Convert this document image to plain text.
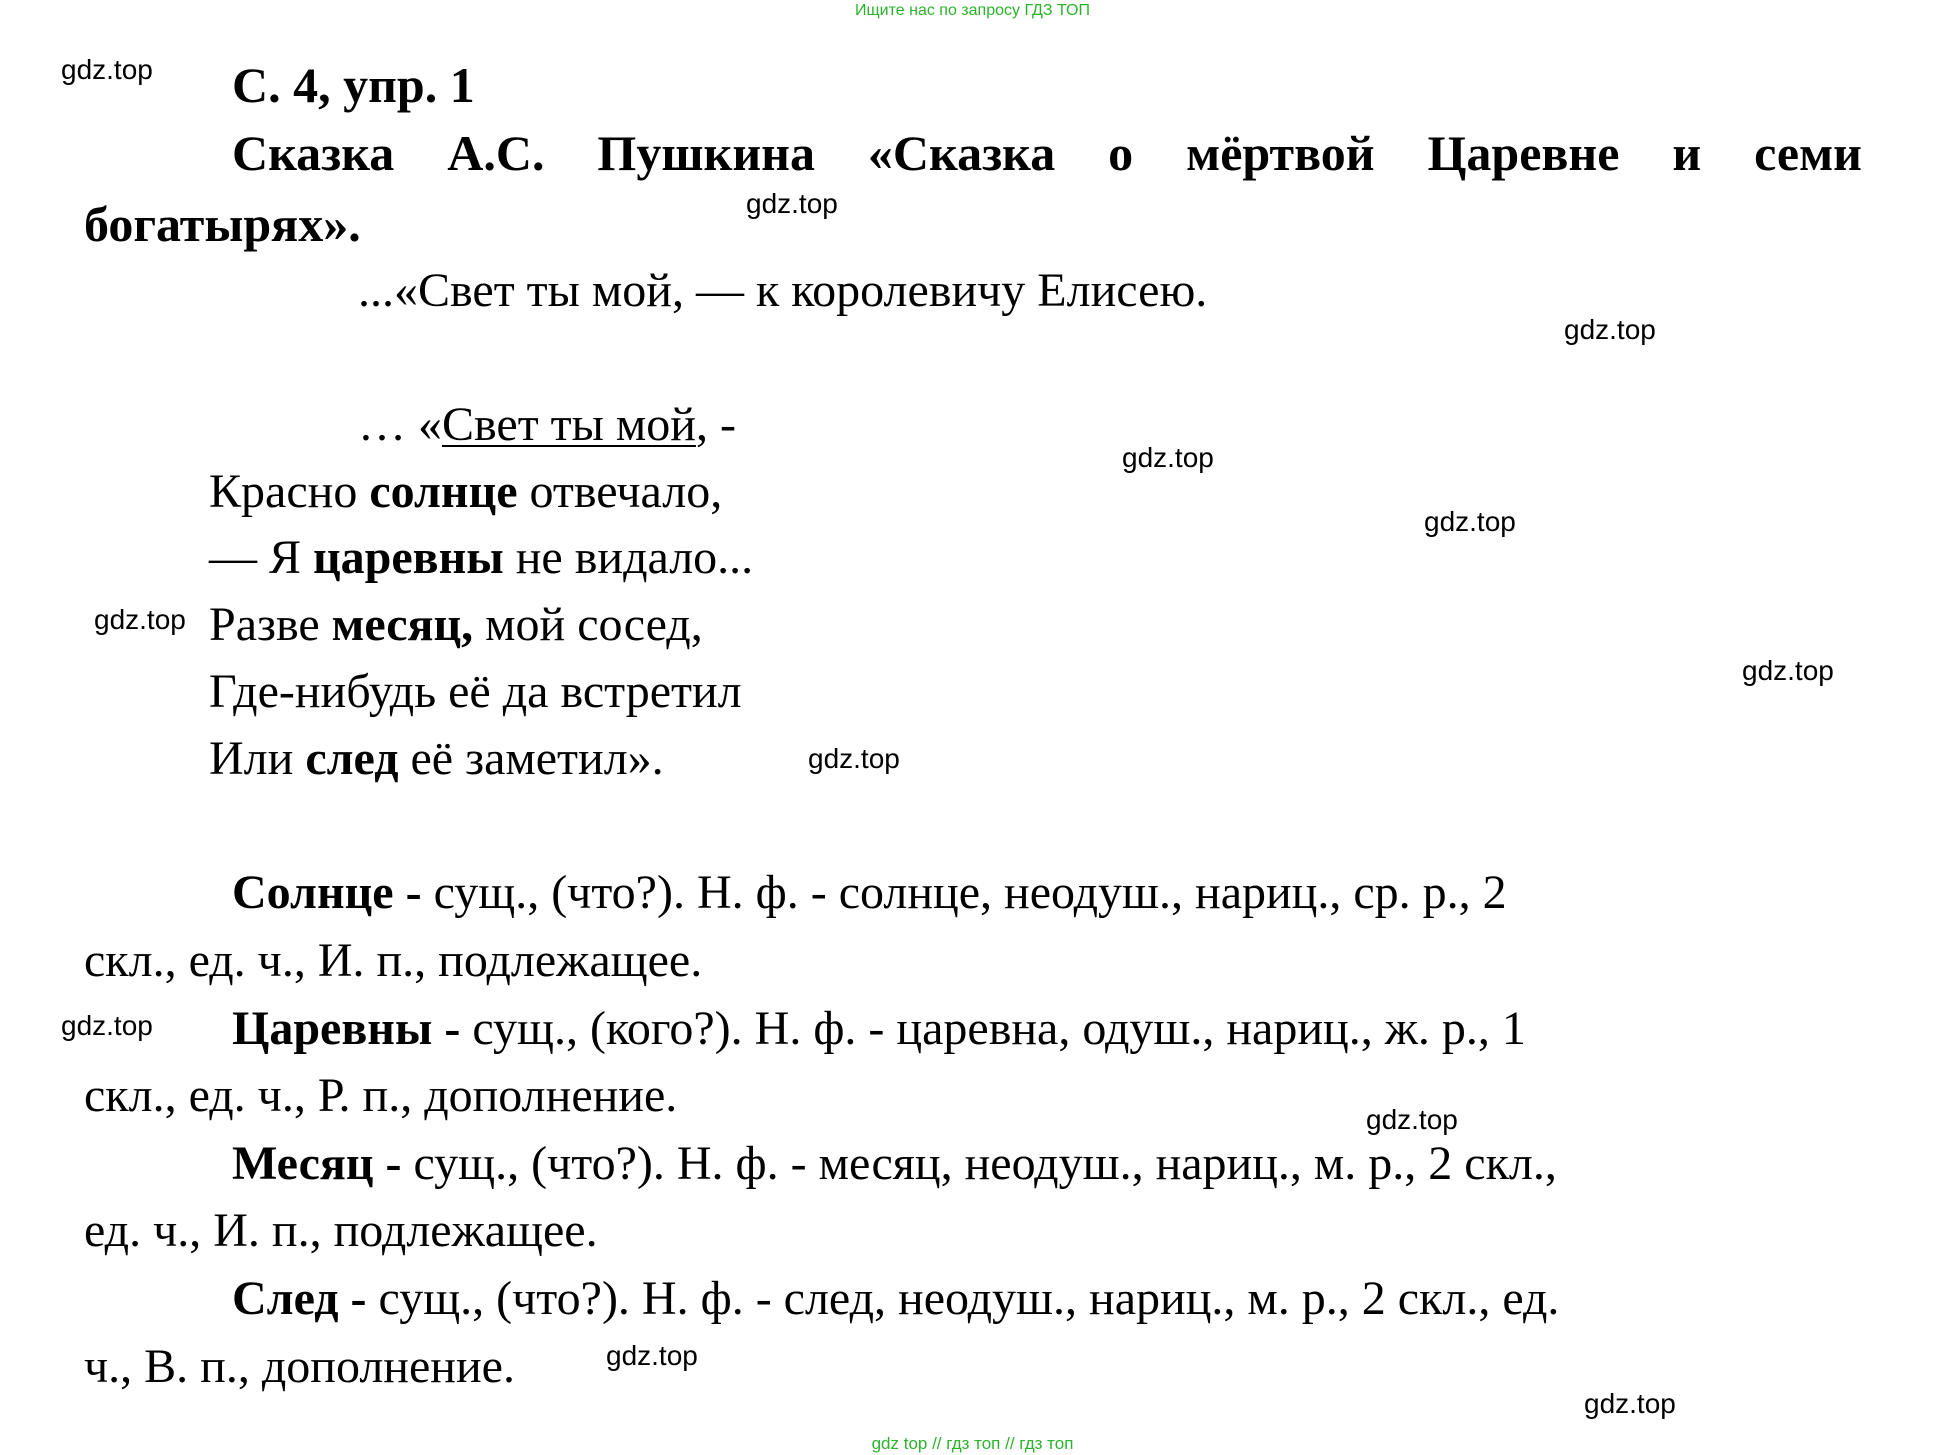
Ищите нас по запросу ГДЗ ТОП
С. 4, упр. 1
Сказка А.С. Пушкина «Сказка о мёртвой Царевне и семи
богатырях».
...«Свет ты мой, — к королевичу Елисею.
… «Свет ты мой, -
Красно солнце отвечало,
— Я царевны не видало...
Разве месяц, мой сосед,
Где-нибудь её да встретил
Или след её заметил».
Солнце - сущ., (что?). Н. ф. - солнце, неодуш., нариц., ср. р., 2
скл., ед. ч., И. п., подлежащее.
Царевны - сущ., (кого?). Н. ф. - царевна, одуш., нариц., ж. р., 1
скл., ед. ч., Р. п., дополнение.
Месяц - сущ., (что?). Н. ф. - месяц, неодуш., нариц., м. р., 2 скл.,
ед. ч., И. п., подлежащее.
След - сущ., (что?). Н. ф. - след, неодуш., нариц., м. р., 2 скл., ед.
ч., В. п., дополнение.
gdz.top
gdz.top
gdz.top
gdz.top
gdz.top
gdz.top
gdz.top
gdz.top
gdz.top
gdz.top
gdz.top
gdz.top
gdz top // гдз топ // гдз топ
